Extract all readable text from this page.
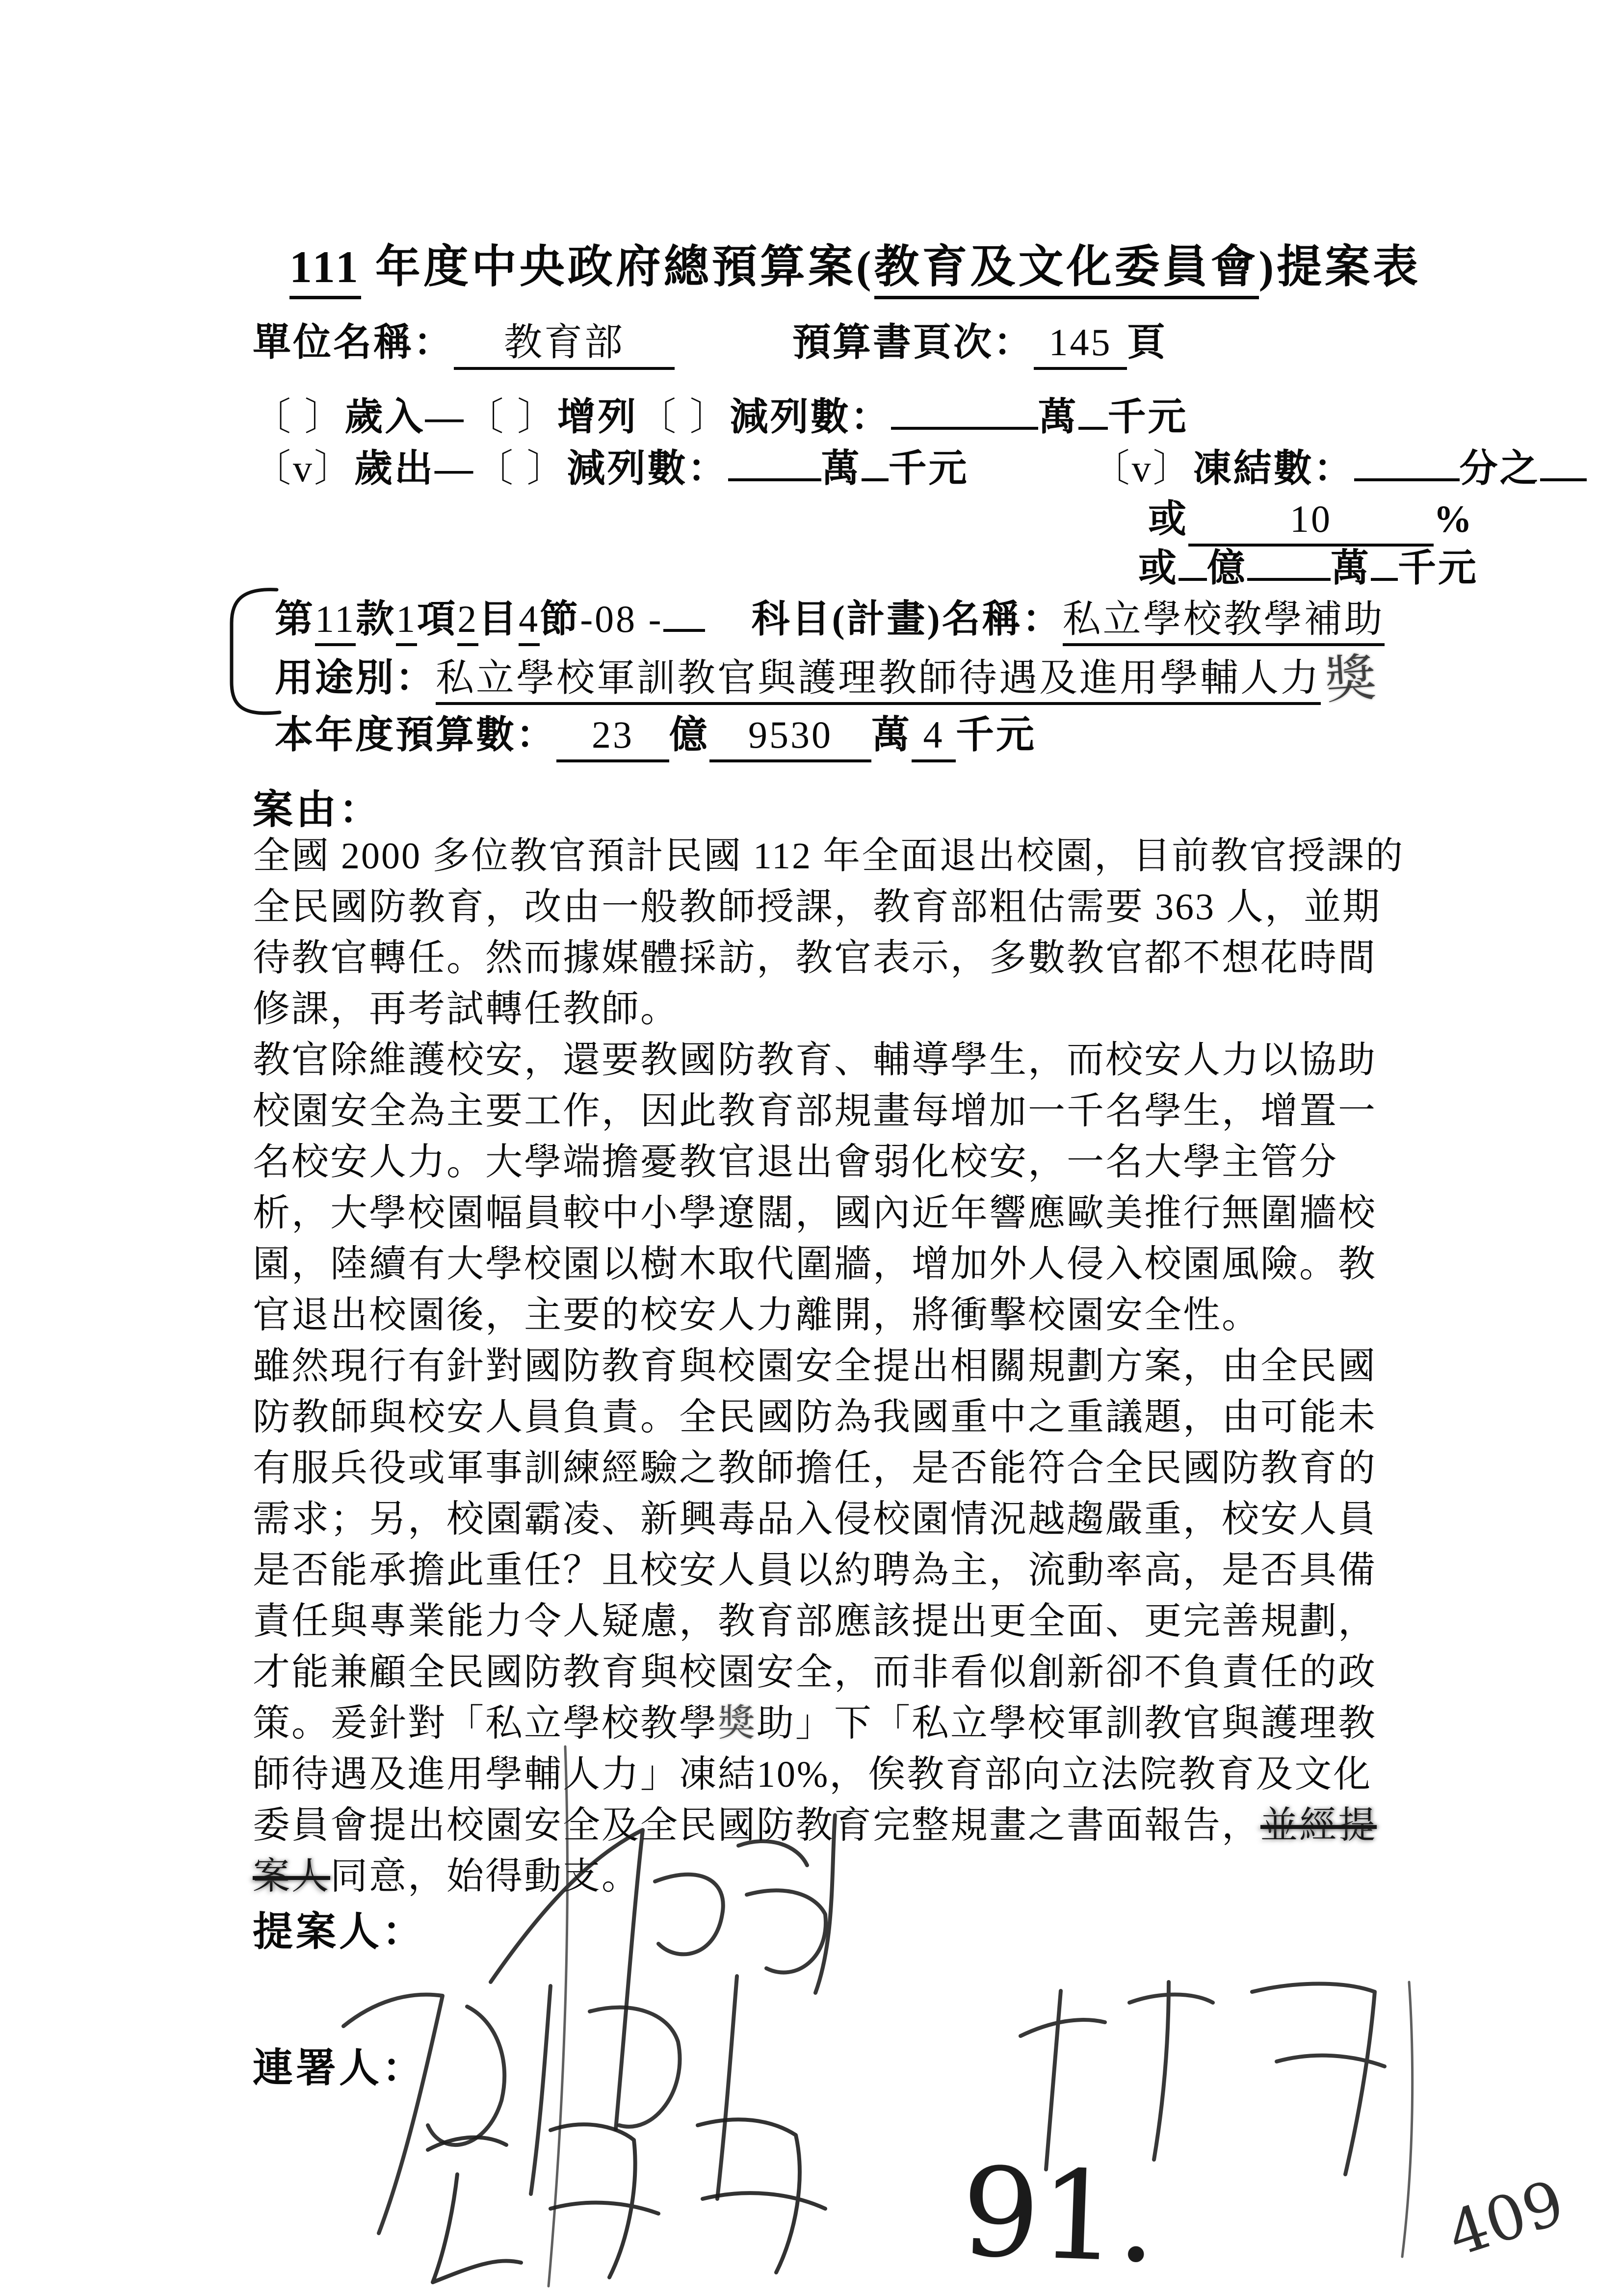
111 年度中央政府總預算案(教育及文化委員會)提案表
單位名稱： 教育部	預算書頁次： 145 頁
〔 〕歲入—〔 〕增列〔 〕減列數：	萬 千元
〔v〕歲出—〔 〕減列數： 萬 千元	〔v〕凍結數：	分之
或	10	%
或 億 萬 千元
第11款1項2目4節-08 - 科目(計畫)名稱：私立學校教學補助
獎
用途別：私立學校軍訓教官與護理教師待遇及進用學輔人力
本年度預算數： 23 億 9530 萬 4 千元
案由：
全國 2000 多位教官預計民國 112 年全面退出校園，目前教官授課的
全民國防教育，改由一般教師授課，教育部粗估需要 363 人，並期
待教官轉任。然而據媒體採訪，教官表示，多數教官都不想花時間
修課，再考試轉任教師。
教官除維護校安，還要教國防教育、輔導學生，而校安人力以協助
校園安全為主要工作，因此教育部規畫每增加一千名學生，增置一
名校安人力。大學端擔憂教官退出會弱化校安，一名大學主管分
析，大學校園幅員較中小學遼闊，國內近年響應歐美推行無圍牆校
園，陸續有大學校園以樹木取代圍牆，增加外人侵入校園風險。教
官退出校園後，主要的校安人力離開，將衝擊校園安全性。
雖然現行有針對國防教育與校園安全提出相關規劃方案，由全民國
防教師與校安人員負責。全民國防為我國重中之重議題，由可能未
有服兵役或軍事訓練經驗之教師擔任，是否能符合全民國防教育的
需求；另，校園霸凌、新興毒品入侵校園情況越趨嚴重，校安人員
是否能承擔此重任？且校安人員以約聘為主，流動率高，是否具備
責任與專業能力令人疑慮，教育部應該提出更全面、更完善規劃，
才能兼顧全民國防教育與校園安全，而非看似創新卻不負責任的政
策。爰針對「私立學校教學獎助」下「私立學校軍訓教官與護理教
師待遇及進用學輔人力」凍結10%，俟教育部向立法院教育及文化
委員會提出校園安全及全民國防教育完整規畫之書面報告，並經提
案人同意，始得動支。
提案人：
連署人：
91.	409
